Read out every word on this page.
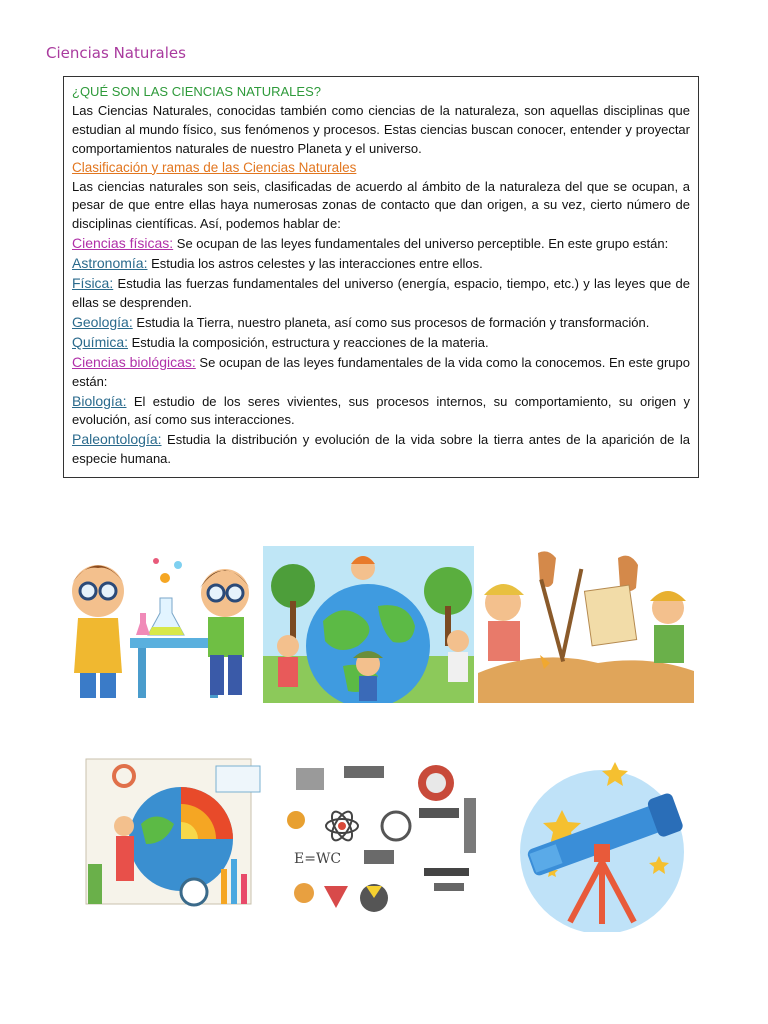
Ciencias Naturales
¿QUÉ SON LAS CIENCIAS NATURALES?

Las Ciencias Naturales, conocidas también como ciencias de la naturaleza, son aquellas disciplinas que estudian al mundo físico, sus fenómenos y procesos. Estas ciencias buscan conocer, entender y proyectar comportamientos naturales de nuestro Planeta y el universo.

Clasificación y ramas de las Ciencias Naturales

Las ciencias naturales son seis, clasificadas de acuerdo al ámbito de la naturaleza del que se ocupan, a pesar de que entre ellas haya numerosas zonas de contacto que dan origen, a su vez, cierto número de disciplinas científicas. Así, podemos hablar de:

Ciencias físicas: Se ocupan de las leyes fundamentales del universo perceptible. En este grupo están:

Astronomía: Estudia los astros celestes y las interacciones entre ellos.

Física: Estudia las fuerzas fundamentales del universo (energía, espacio, tiempo, etc.) y las leyes que de ellas se desprenden.

Geología: Estudia la Tierra, nuestro planeta, así como sus procesos de formación y transformación.

Química: Estudia la composición, estructura y reacciones de la materia.

Ciencias biológicas: Se ocupan de las leyes fundamentales de la vida como la conocemos. En este grupo están:

Biología: El estudio de los seres vivientes, sus procesos internos, su comportamiento, su origen y evolución, así como sus interacciones.

Paleontología: Estudia la distribución y evolución de la vida sobre la tierra antes de la aparición de la especie humana.

E=WC
